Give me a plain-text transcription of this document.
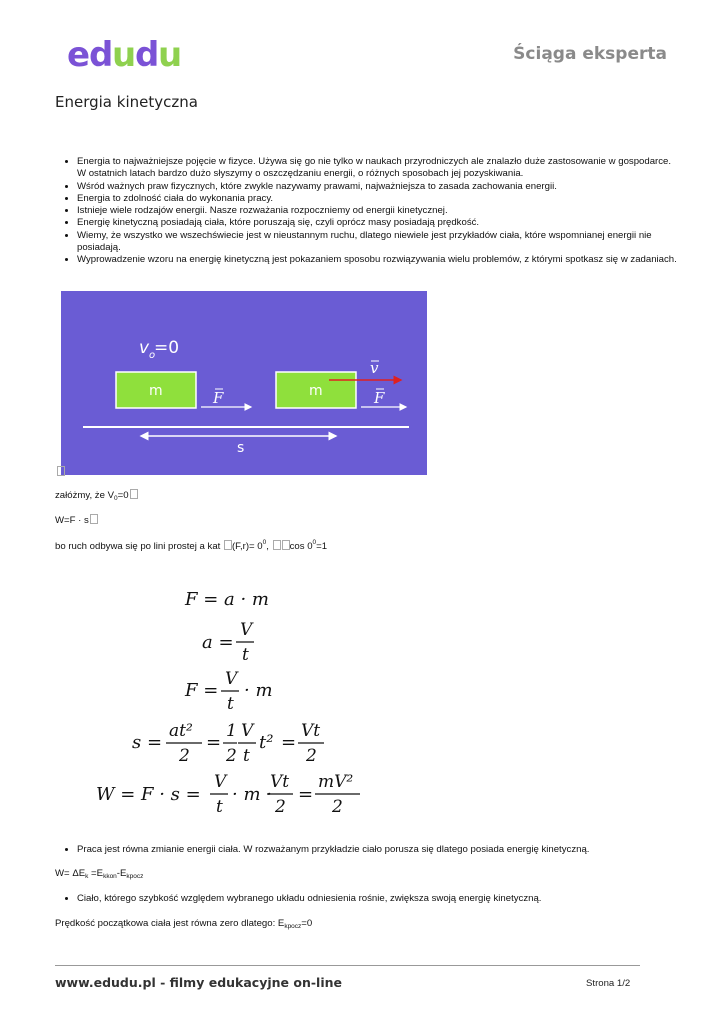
e d
u
d
u	Ściąga eksperta
Energia kinetyczna
• Energia to najważniejsze pojęcie w fizyce. Używa się go nie tylko w naukach przyrodniczych ale znalazło duże zastosowanie w gospodarce. W ostatnich latach bardzo dużo słyszymy o oszczędzaniu energii, o różnych sposobach jej pozyskiwania.
• Wśród ważnych praw fizycznych, które zwykle nazywamy prawami, najważniejsza to zasada zachowania energii.
• Energia to zdolność ciała do wykonania pracy.
• Istnieje wiele rodzajów energii. Nasze rozważania rozpoczniemy od energii kinetycznej.
• Energię kinetyczną posiadają ciała, które poruszają się, czyli oprócz masy posiadają prędkość.
• Wiemy, że wszystko we wszechświecie jest w nieustannym ruchu, dlatego niewiele jest przykładów ciała, które wspomnianej energii nie posiadają.
• Wyprowadzenie wzoru na energię kinetyczną jest pokazaniem sposobu rozwiązywania wielu problemów, z którymi spotkasz się w zadaniach.
v o
=0
m	F	m
v
F
s
załóżmy, że $V_0=0$
W=F · s
bo ruch odbywa się po lini prostej a kat $(F,r)= 0^0$, $\cos 0^0=1$
F = a · m
a =
V
t
F =
V
t
· m
s =
at²
2
=
1
2
V
t
t² =
Vt
2
W = F · s =
V
t
· m ·
Vt
2
=
mV²
2
• Praca jest równa zmianie energii ciała. W rozważanym przykładzie ciało porusza się dlatego posiada energię kinetyczną.
$W= \Delta E_k =E_{kkon}-E_{kpocz}$
• Ciało, którego szybkość względem wybranego układu odniesienia rośnie, zwiększa swoją energię kinetyczną.
Prędkość początkowa ciała jest równa zero dlatego: $E_{kpocz}=0$
www.edudu.pl - filmy edukacyjne on-line	Strona 1/2
